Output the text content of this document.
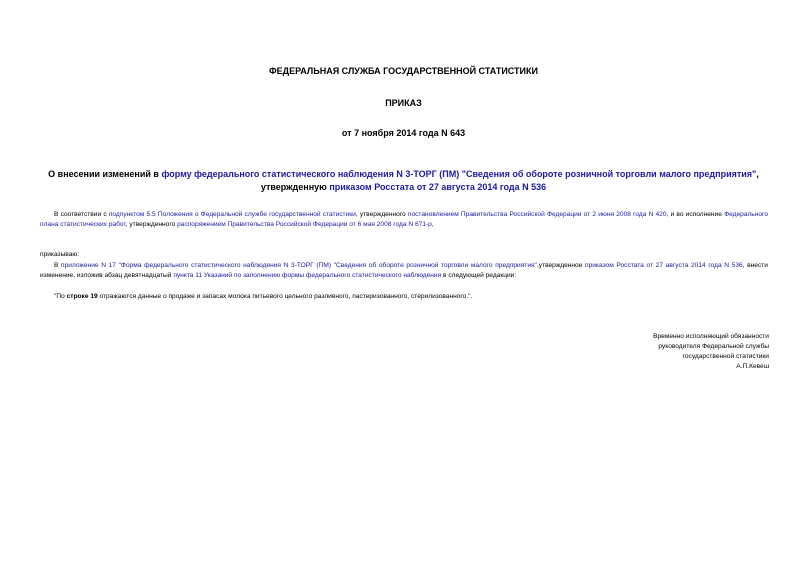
ФЕДЕРАЛЬНАЯ СЛУЖБА ГОСУДАРСТВЕННОЙ СТАТИСТИКИ
ПРИКАЗ
от 7 ноября 2014 года N 643
О внесении изменений в форму федерального статистического наблюдения N 3-ТОРГ (ПМ) "Сведения об обороте розничной торговли малого предприятия", утвержденную приказом Росстата от 27 августа 2014 года N 536
В соответствии с подпунктом 5.5 Положения о Федеральной службе государственной статистики, утвержденного постановлением Правительства Российской Федерации от 2 июня 2008 года N 420, и во исполнение Федерального плана статистических работ, утвержденного распоряжением Правительства Российской Федерации от 6 мая 2008 года N 671-р,
приказываю:
В приложение N 17 "Форма федерального статистического наблюдения N 3-ТОРГ (ПМ) "Сведения об обороте розничной торговли малого предприятия",утвержденное приказом Росстата от 27 августа 2014 года N 536, внести изменение, изложив абзац девятнадцатый пункта 11 Указаний по заполнению формы федерального статистического наблюдения в следующей редакции:
"По строке 19 отражаются данные о продаже и запасах молока питьевого цельного разливного, пастеризованного, стерилизованного.".
Временно исполняющий обязанности
руководителя Федеральной службы
государственной статистики
А.П.Кевеш
